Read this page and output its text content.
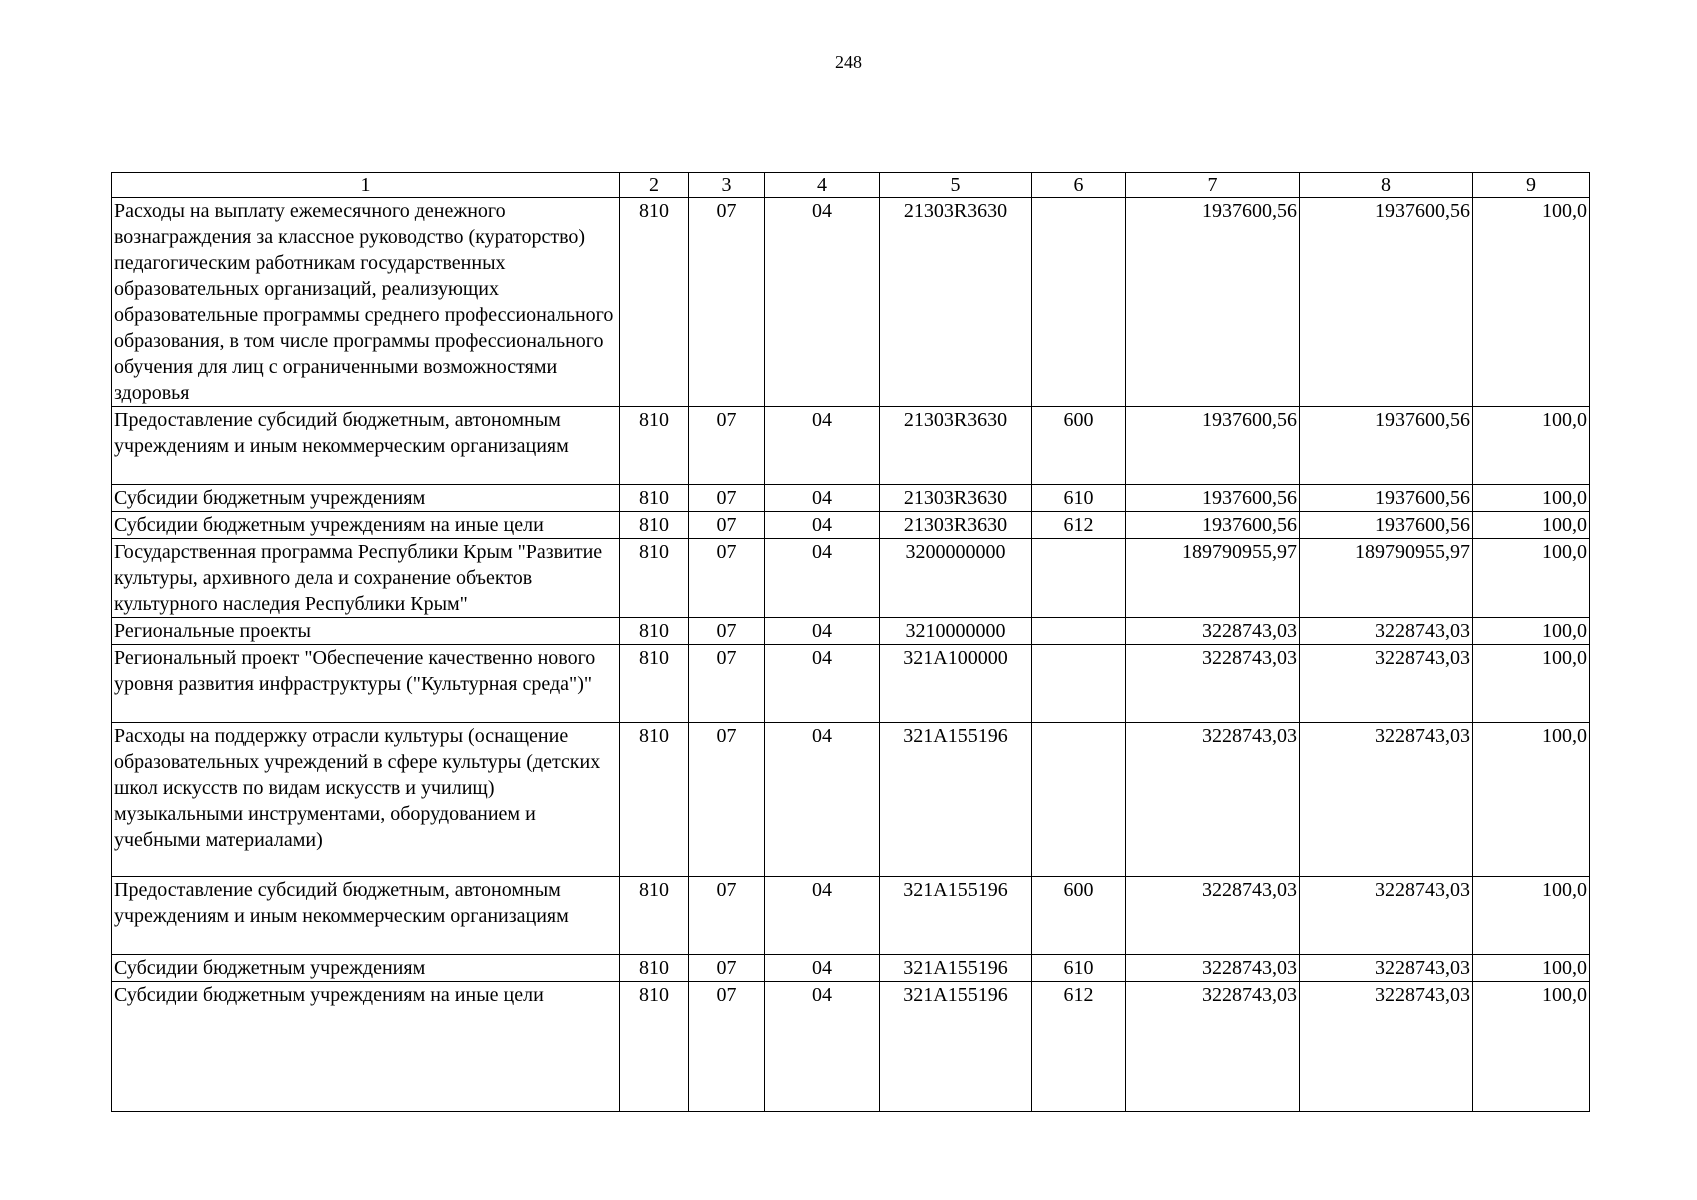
248
1	2	3	4	5	6	7	8	9
Расходы на выплату ежемесячного денежного вознаграждения за классное руководство (кураторство) педагогическим работникам государственных образовательных организаций, реализующих образовательные программы среднего профессионального образования, в том числе программы профессионального обучения для лиц с ограниченными возможностями здоровья	810	07	04	21303R3630		1937600,56	1937600,56	100,0
Предоставление субсидий бюджетным, автономным учреждениям и иным некоммерческим организациям	810	07	04	21303R3630	600	1937600,56	1937600,56	100,0
Субсидии бюджетным учреждениям	810	07	04	21303R3630	610	1937600,56	1937600,56	100,0
Субсидии бюджетным учреждениям на иные цели	810	07	04	21303R3630	612	1937600,56	1937600,56	100,0
Государственная программа Республики Крым "Развитие культуры, архивного дела и сохранение объектов культурного наследия Республики Крым"	810	07	04	3200000000		189790955,97	189790955,97	100,0
Региональные проекты	810	07	04	3210000000		3228743,03	3228743,03	100,0
Региональный проект "Обеспечение качественно нового уровня развития инфраструктуры ("Культурная среда")"	810	07	04	321A100000		3228743,03	3228743,03	100,0
Расходы на поддержку отрасли культуры (оснащение образовательных учреждений в сфере культуры (детских школ искусств по видам искусств и училищ) музыкальными инструментами, оборудованием и учебными материалами)	810	07	04	321A155196		3228743,03	3228743,03	100,0
Предоставление субсидий бюджетным, автономным учреждениям и иным некоммерческим организациям	810	07	04	321A155196	600	3228743,03	3228743,03	100,0
Субсидии бюджетным учреждениям	810	07	04	321A155196	610	3228743,03	3228743,03	100,0
Субсидии бюджетным учреждениям на иные цели	810	07	04	321A155196	612	3228743,03	3228743,03	100,0
